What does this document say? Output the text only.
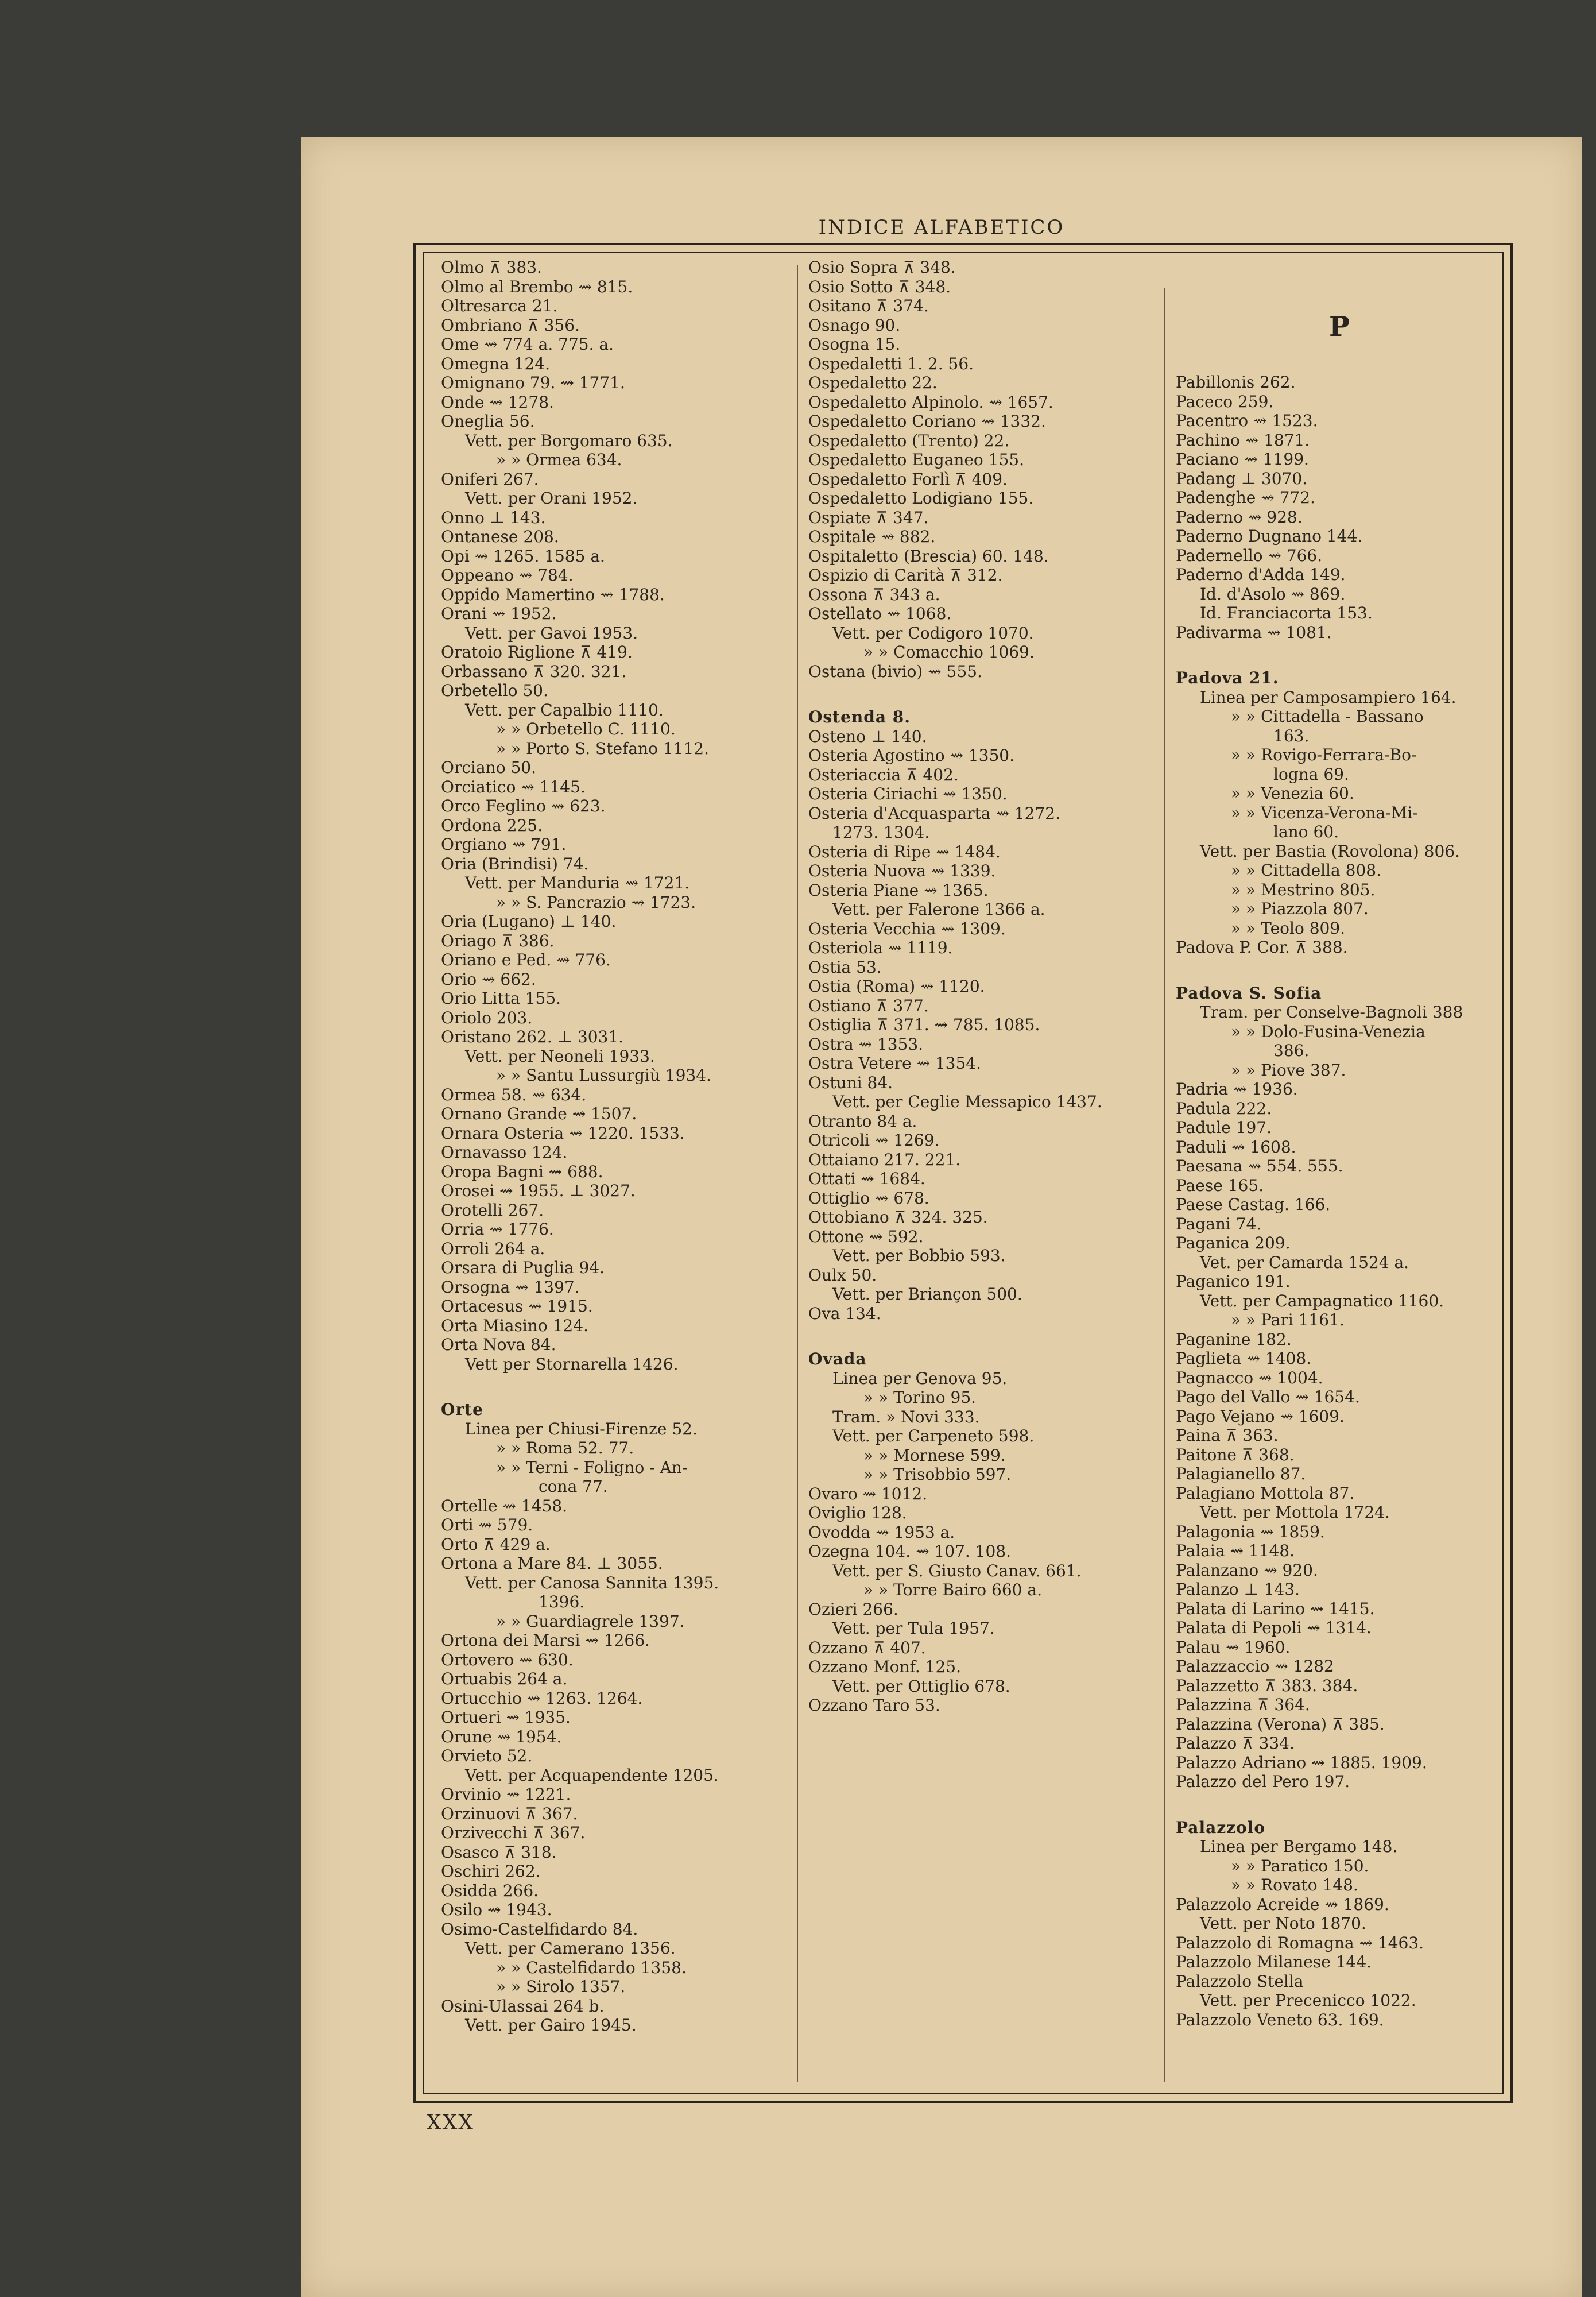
INDICE ALFABETICO
Olmo ⊼ 383.
Olmo al Brembo ⇝ 815.
Oltresarca 21.
Ombriano ⊼ 356.
Ome ⇝ 774 a. 775. a.
Omegna 124.
Omignano 79. ⇝ 1771.
Onde ⇝ 1278.
Oneglia 56.
Vett. per Borgomaro 635.
» » Ormea 634.
Oniferi 267.
Vett. per Orani 1952.
Onno ⊥ 143.
Ontanese 208.
Opi ⇝ 1265. 1585 a.
Oppeano ⇝ 784.
Oppido Mamertino ⇝ 1788.
Orani ⇝ 1952.
Vett. per Gavoi 1953.
Oratoio Riglione ⊼ 419.
Orbassano ⊼ 320. 321.
Orbetello 50.
Vett. per Capalbio 1110.
» » Orbetello C. 1110.
» » Porto S. Stefano 1112.
Orciano 50.
Orciatico ⇝ 1145.
Orco Feglino ⇝ 623.
Ordona 225.
Orgiano ⇝ 791.
Oria (Brindisi) 74.
Vett. per Manduria ⇝ 1721.
» » S. Pancrazio ⇝ 1723.
Oria (Lugano) ⊥ 140.
Oriago ⊼ 386.
Oriano e Ped. ⇝ 776.
Orio ⇝ 662.
Orio Litta 155.
Oriolo 203.
Oristano 262. ⊥ 3031.
Vett. per Neoneli 1933.
» » Santu Lussurgiù 1934.
Ormea 58. ⇝ 634.
Ornano Grande ⇝ 1507.
Ornara Osteria ⇝ 1220. 1533.
Ornavasso 124.
Oropa Bagni ⇝ 688.
Orosei ⇝ 1955. ⊥ 3027.
Orotelli 267.
Orria ⇝ 1776.
Orroli 264 a.
Orsara di Puglia 94.
Orsogna ⇝ 1397.
Ortacesus ⇝ 1915.
Orta Miasino 124.
Orta Nova 84.
Vett per Stornarella 1426.
Orte
Linea per Chiusi-Firenze 52.
» » Roma 52. 77.
» » Terni - Foligno - An-
cona 77.
Ortelle ⇝ 1458.
Orti ⇝ 579.
Orto ⊼ 429 a.
Ortona a Mare 84. ⊥ 3055.
Vett. per Canosa Sannita 1395.
1396.
» » Guardiagrele 1397.
Ortona dei Marsi ⇝ 1266.
Ortovero ⇝ 630.
Ortuabis 264 a.
Ortucchio ⇝ 1263. 1264.
Ortueri ⇝ 1935.
Orune ⇝ 1954.
Orvieto 52.
Vett. per Acquapendente 1205.
Orvinio ⇝ 1221.
Orzinuovi ⊼ 367.
Orzivecchi ⊼ 367.
Osasco ⊼ 318.
Oschiri 262.
Osidda 266.
Osilo ⇝ 1943.
Osimo-Castelfidardo 84.
Vett. per Camerano 1356.
» » Castelfidardo 1358.
» » Sirolo 1357.
Osini-Ulassai 264 b.
Vett. per Gairo 1945.
Osio Sopra ⊼ 348.
Osio Sotto ⊼ 348.
Ositano ⊼ 374.
Osnago 90.
Osogna 15.
Ospedaletti 1. 2. 56.
Ospedaletto 22.
Ospedaletto Alpinolo. ⇝ 1657.
Ospedaletto Coriano ⇝ 1332.
Ospedaletto (Trento) 22.
Ospedaletto Euganeo 155.
Ospedaletto Forlì ⊼ 409.
Ospedaletto Lodigiano 155.
Ospiate ⊼ 347.
Ospitale ⇝ 882.
Ospitaletto (Brescia) 60. 148.
Ospizio di Carità ⊼ 312.
Ossona ⊼ 343 a.
Ostellato ⇝ 1068.
Vett. per Codigoro 1070.
» » Comacchio 1069.
Ostana (bivio) ⇝ 555.
Ostenda 8.
Osteno ⊥ 140.
Osteria Agostino ⇝ 1350.
Osteriaccia ⊼ 402.
Osteria Ciriachi ⇝ 1350.
Osteria d'Acquasparta ⇝ 1272.
1273. 1304.
Osteria di Ripe ⇝ 1484.
Osteria Nuova ⇝ 1339.
Osteria Piane ⇝ 1365.
Vett. per Falerone 1366 a.
Osteria Vecchia ⇝ 1309.
Osteriola ⇝ 1119.
Ostia 53.
Ostia (Roma) ⇝ 1120.
Ostiano ⊼ 377.
Ostiglia ⊼ 371. ⇝ 785. 1085.
Ostra ⇝ 1353.
Ostra Vetere ⇝ 1354.
Ostuni 84.
Vett. per Ceglie Messapico 1437.
Otranto 84 a.
Otricoli ⇝ 1269.
Ottaiano 217. 221.
Ottati ⇝ 1684.
Ottiglio ⇝ 678.
Ottobiano ⊼ 324. 325.
Ottone ⇝ 592.
Vett. per Bobbio 593.
Oulx 50.
Vett. per Briançon 500.
Ova 134.
Ovada
Linea per Genova 95.
» » Torino 95.
Tram. » Novi 333.
Vett. per Carpeneto 598.
» » Mornese 599.
» » Trisobbio 597.
Ovaro ⇝ 1012.
Oviglio 128.
Ovodda ⇝ 1953 a.
Ozegna 104. ⇝ 107. 108.
Vett. per S. Giusto Canav. 661.
» » Torre Bairo 660 a.
Ozieri 266.
Vett. per Tula 1957.
Ozzano ⊼ 407.
Ozzano Monf. 125.
Vett. per Ottiglio 678.
Ozzano Taro 53.
P
Pabillonis 262.
Paceco 259.
Pacentro ⇝ 1523.
Pachino ⇝ 1871.
Paciano ⇝ 1199.
Padang ⊥ 3070.
Padenghe ⇝ 772.
Paderno ⇝ 928.
Paderno Dugnano 144.
Padernello ⇝ 766.
Paderno d'Adda 149.
Id. d'Asolo ⇝ 869.
Id. Franciacorta 153.
Padivarma ⇝ 1081.
Padova 21.
Linea per Camposampiero 164.
» » Cittadella - Bassano
163.
» » Rovigo-Ferrara-Bo-
logna 69.
» » Venezia 60.
» » Vicenza-Verona-Mi-
lano 60.
Vett. per Bastia (Rovolona) 806.
» » Cittadella 808.
» » Mestrino 805.
» » Piazzola 807.
» » Teolo 809.
Padova P. Cor. ⊼ 388.
Padova S. Sofia
Tram. per Conselve-Bagnoli 388
» » Dolo-Fusina-Venezia
386.
» » Piove 387.
Padria ⇝ 1936.
Padula 222.
Padule 197.
Paduli ⇝ 1608.
Paesana ⇝ 554. 555.
Paese 165.
Paese Castag. 166.
Pagani 74.
Paganica 209.
Vet. per Camarda 1524 a.
Paganico 191.
Vett. per Campagnatico 1160.
» » Pari 1161.
Paganine 182.
Paglieta ⇝ 1408.
Pagnacco ⇝ 1004.
Pago del Vallo ⇝ 1654.
Pago Vejano ⇝ 1609.
Paina ⊼ 363.
Paitone ⊼ 368.
Palagianello 87.
Palagiano Mottola 87.
Vett. per Mottola 1724.
Palagonia ⇝ 1859.
Palaia ⇝ 1148.
Palanzano ⇝ 920.
Palanzo ⊥ 143.
Palata di Larino ⇝ 1415.
Palata di Pepoli ⇝ 1314.
Palau ⇝ 1960.
Palazzaccio ⇝ 1282
Palazzetto ⊼ 383. 384.
Palazzina ⊼ 364.
Palazzina (Verona) ⊼ 385.
Palazzo ⊼ 334.
Palazzo Adriano ⇝ 1885. 1909.
Palazzo del Pero 197.
Palazzolo
Linea per Bergamo 148.
» » Paratico 150.
» » Rovato 148.
Palazzolo Acreide ⇝ 1869.
Vett. per Noto 1870.
Palazzolo di Romagna ⇝ 1463.
Palazzolo Milanese 144.
Palazzolo Stella
Vett. per Precenicco 1022.
Palazzolo Veneto 63. 169.
XXX
